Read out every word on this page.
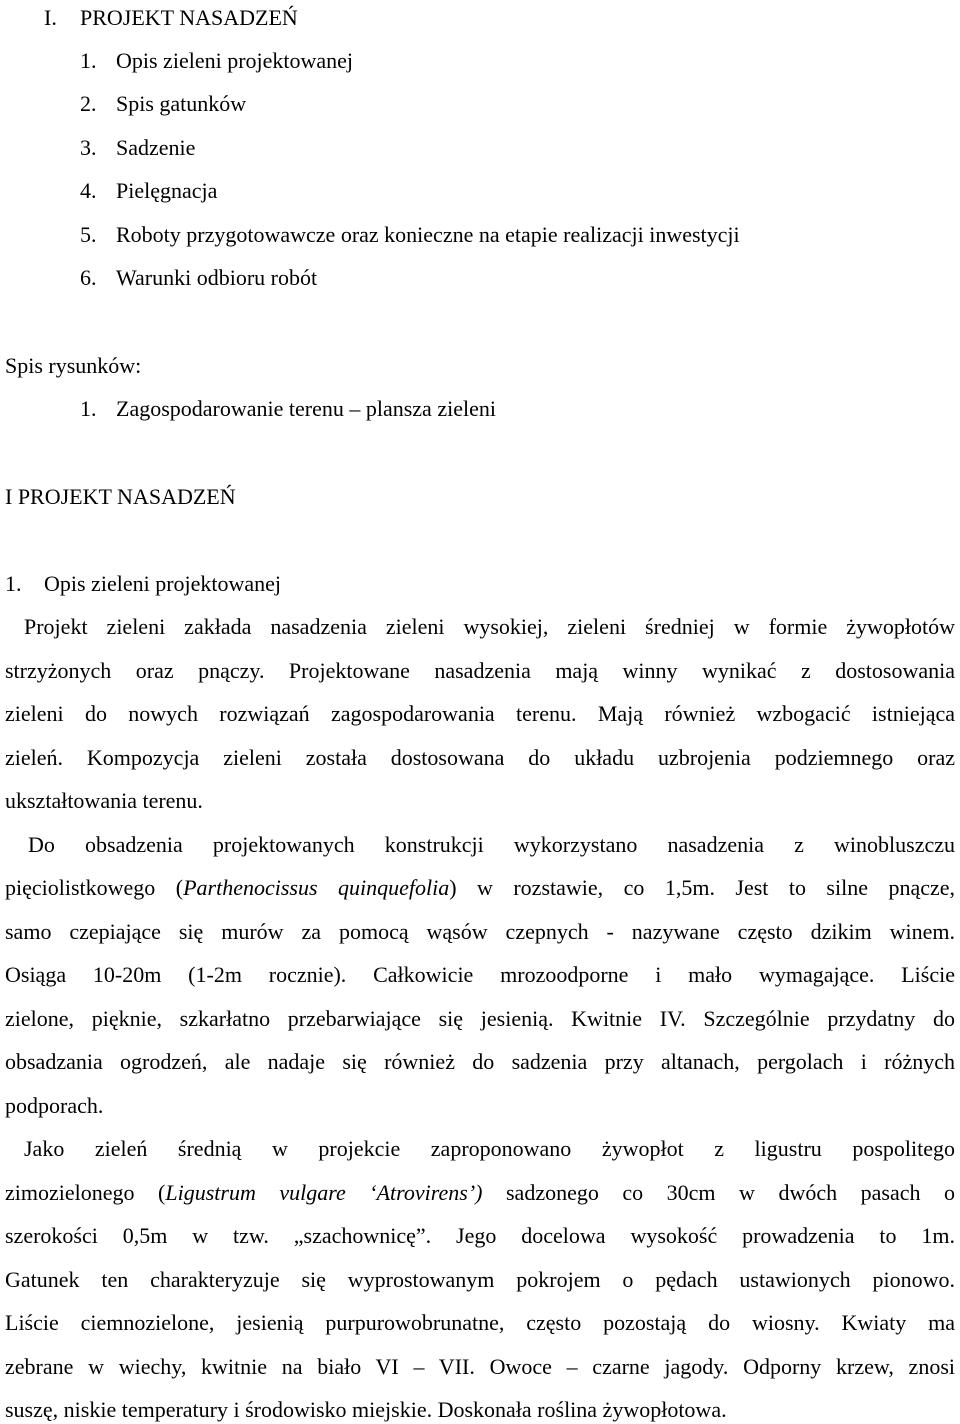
I. PROJEKT NASADZEŃ
1. Opis zieleni projektowanej
2. Spis gatunków
3. Sadzenie
4. Pielęgnacja
5. Roboty przygotowawcze oraz konieczne na etapie realizacji inwestycji
6. Warunki odbioru robót
Spis rysunków:
1. Zagospodarowanie terenu – plansza zieleni
I PROJEKT NASADZEŃ
1. Opis zieleni projektowanej
Projekt zieleni zakłada nasadzenia zieleni wysokiej, zieleni średniej w formie żywopłotów
strzyżonych oraz pnączy. Projektowane nasadzenia mają winny wynikać z dostosowania
zieleni do nowych rozwiązań zagospodarowania terenu. Mają również wzbogacić istniejąca
zieleń. Kompozycja zieleni została dostosowana do układu uzbrojenia podziemnego oraz
ukształtowania terenu.
Do obsadzenia projektowanych konstrukcji wykorzystano nasadzenia z winobluszczu
pięciolistkowego (Parthenocissus quinquefolia) w rozstawie, co 1,5m. Jest to silne pnącze,
samo czepiające się murów za pomocą wąsów czepnych - nazywane często dzikim winem.
Osiąga 10-20m (1-2m rocznie). Całkowicie mrozoodporne i mało wymagające. Liście
zielone, pięknie, szkarłatno przebarwiające się jesienią. Kwitnie IV. Szczególnie przydatny do
obsadzania ogrodzeń, ale nadaje się również do sadzenia przy altanach, pergolach i różnych
podporach.
Jako zieleń średnią w projekcie zaproponowano żywopłot z ligustru pospolitego
zimozielonego (Ligustrum vulgare ‘Atrovirens’) sadzonego co 30cm w dwóch pasach o
szerokości 0,5m w tzw. „szachownicę”. Jego docelowa wysokość prowadzenia to 1m.
Gatunek ten charakteryzuje się wyprostowanym pokrojem o pędach ustawionych pionowo.
Liście ciemnozielone, jesienią purpurowobrunatne, często pozostają do wiosny. Kwiaty ma
zebrane w wiechy, kwitnie na biało VI – VII. Owoce – czarne jagody. Odporny krzew, znosi
suszę, niskie temperatury i środowisko miejskie. Doskonała roślina żywopłotowa.
